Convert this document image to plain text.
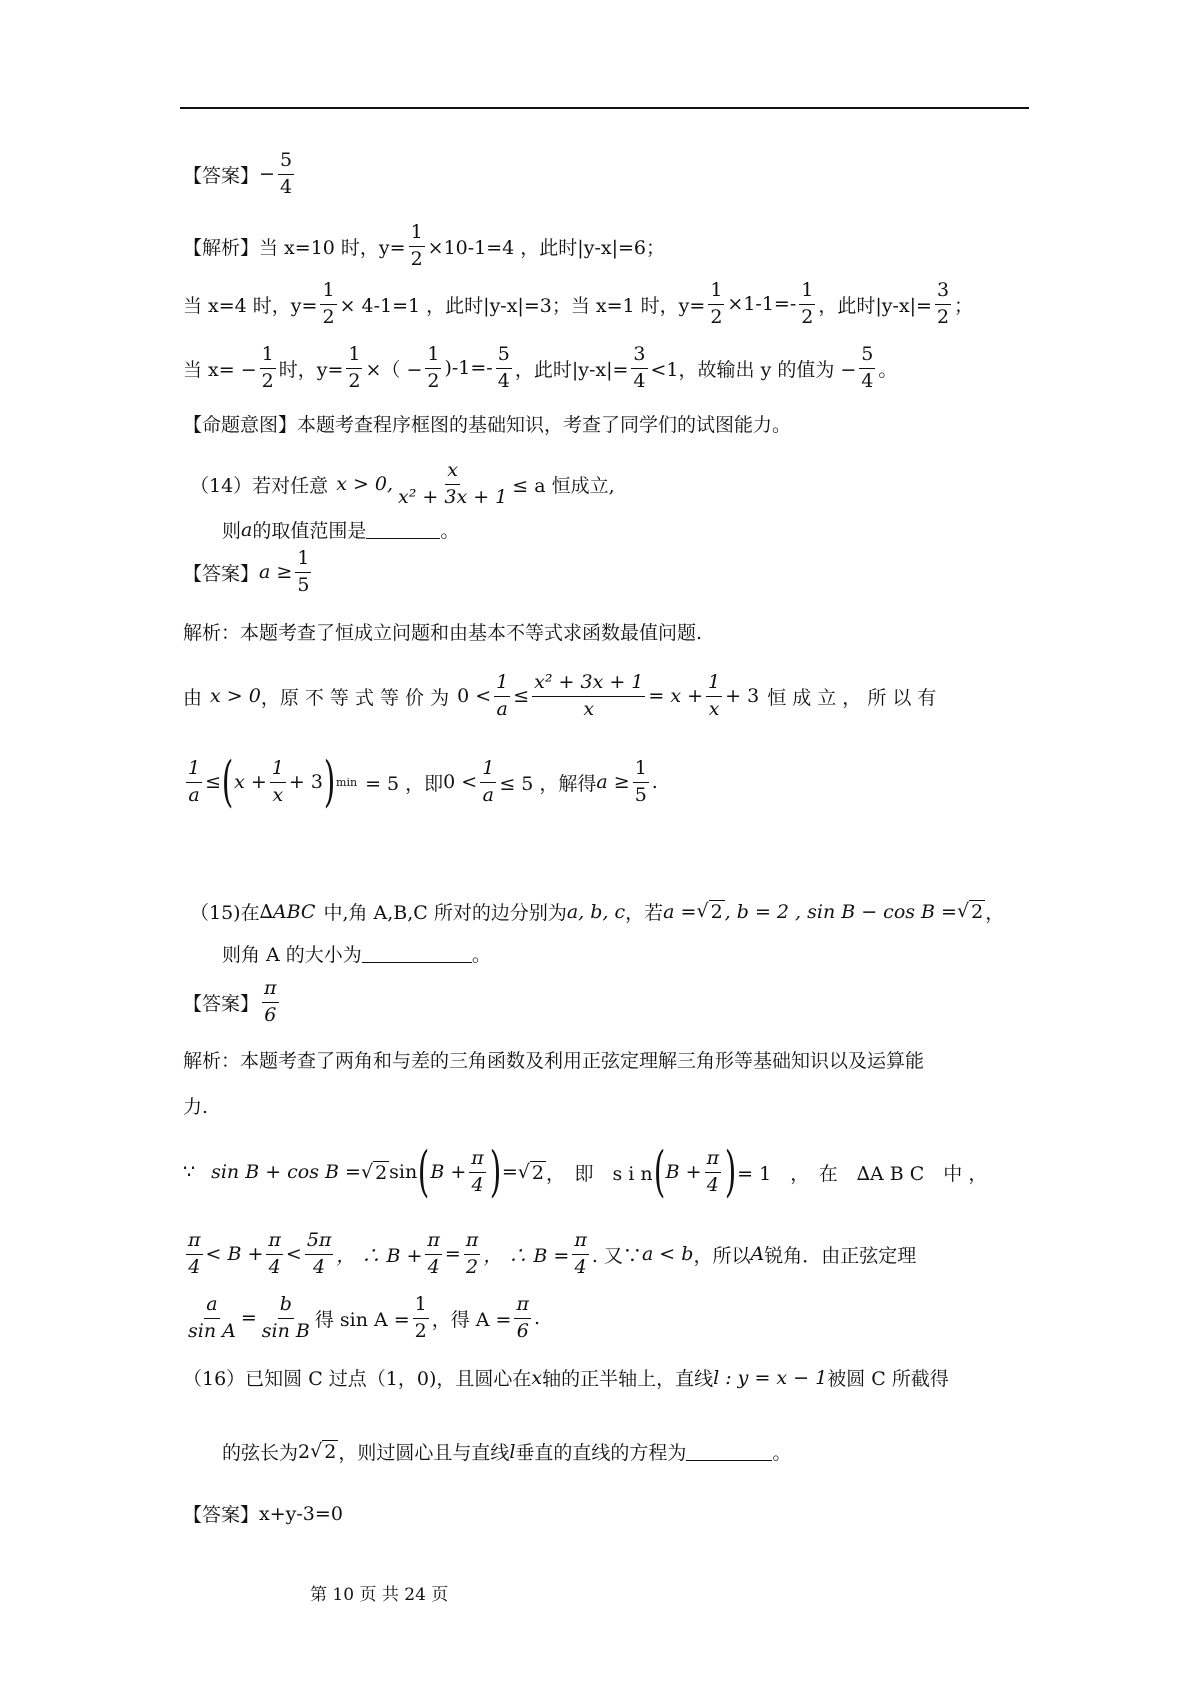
【答案】 − $\frac{5}{4}$
【解析】 当 x=10 时，$y= \frac{1}{2} \times 10-1=4$ ，此时|y-x|=6；
当 x=4 时，$y= \frac{1}{2} \times 4-1=1$ ，此时|y-x|=3；当 x=1 时，$y= \frac{1}{2} \times 1-1=- \frac{1}{2}$ ，此时$|y-x|= \frac{3}{2}$ ；
当 $x= - \frac{1}{2}$ 时，$y= \frac{1}{2}$ ×（ − $\frac{1}{2} )-1=- \frac{5}{4}$ ，此时$|y-x|= \frac{3}{4} <1$，故输出 y 的值为 − $\frac{5}{4}$ 。
【命题意图】 本题考查程序框图的基础知识，考查了同学们的试图能力。
（14）若对任意 x > 0, $\frac{x}{\text{x² + 3x + 1}} \le a$ 恒成立,
则 a 的取值范围是	。
【答案】 $a \ge \frac{1}{5}$
解析：本题考查了恒成立问题和由基本不等式求函数最值问题.
由 x > 0 ，原 不 等 式 等 价 为 $0 < \frac{1}{a} \le \frac{\text{x² + 3x + 1}}{x} = x + \frac{1}{x} + 3$ 恒 成 立 ， 所 以 有
$\frac{1}{a}$ ≤ ( $x + \frac{1}{x} + 3$ ) min = 5 ，即 $0 < \frac{1}{a} \le 5$ ，解得 $a \ge \frac{1}{5}$ .
（15)在 ∆ABC 中,角 A,B,C 所对的边分别为 a, b, c ，若 a = √ 2 , b = 2 , sin B − cos B = √ 2 ，
则角 A 的大小为	。
【答案】 $\frac{\pi}{6}$
解析：本题考查了两角和与差的三角函数及利用正弦定理解三角形等基础知识以及运算能
力.
∵ sin B + cos B = √ 2 sin ( $B + \frac{\pi}{4}$ ) = √ 2 ，　即　s i n ( $B + \frac{\pi}{4}$ ) = 1　，　在　∆A B C　中 ，
$\frac{\pi}{4} < B + \frac{\pi}{4} < \frac{5\pi}{4}$ ， ∴ $B + \frac{\pi}{4} = \frac{\pi}{2}$ ， ∴ $B = \frac{\pi}{4}$ . 又∵ a < b ，所以 A 锐角．由正弦定理
$\frac{a}{\text{sin A}} = \frac{b}{\text{sin B}}$ 得 $\sin A = \frac{1}{2}$ ，得 $A = \frac{\pi}{6}$ .
（16）已知圆 C 过点（1，0)，且圆心在 x 轴的正半轴上，直线 l : y = x − 1 被圆 C 所截得
的弦长为 2 √ 2 ，则过圆心且与直线 l 垂直的直线的方程为	。
【答案】 x+y-3=0
第 10 页 共 24 页
